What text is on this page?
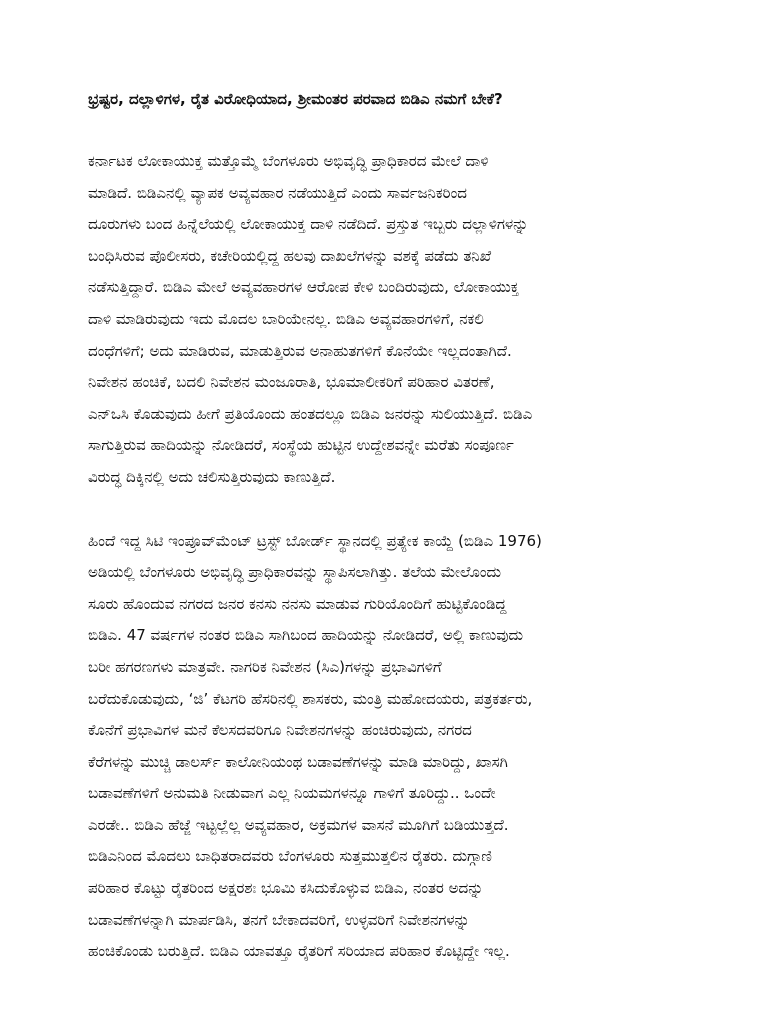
ಭ್ರಷ್ಟರ, ದಲ್ಲಾಳಿಗಳ, ರೈತ ವಿರೋಧಿಯಾದ, ಶ್ರೀಮಂತರ ಪರವಾದ ಬಿಡಿಎ ನಮಗೆ ಬೇಕೆ?
ಕರ್ನಾಟಕ ಲೋಕಾಯುಕ್ತ ಮತ್ತೊಮ್ಮೆ ಬೆಂಗಳೂರು ಅಭಿವೃದ್ಧಿ ಪ್ರಾಧಿಕಾರದ ಮೇಲೆ ದಾಳಿ
ಮಾಡಿದೆ. ಬಿಡಿಎನಲ್ಲಿ ವ್ಯಾಪಕ ಅವ್ಯವಹಾರ ನಡೆಯುತ್ತಿದೆ ಎಂದು ಸಾರ್ವಜನಿಕರಿಂದ
ದೂರುಗಳು ಬಂದ ಹಿನ್ನೆಲೆಯಲ್ಲಿ ಲೋಕಾಯುಕ್ತ ದಾಳಿ ನಡೆದಿದೆ. ಪ್ರಸ್ತುತ ಇಬ್ಬರು ದಲ್ಲಾಳಿಗಳನ್ನು
ಬಂಧಿಸಿರುವ ಪೊಲೀಸರು, ಕಚೇರಿಯಲ್ಲಿದ್ದ ಹಲವು ದಾಖಲೆಗಳನ್ನು ವಶಕ್ಕೆ ಪಡೆದು ತನಿಖೆ
ನಡೆಸುತ್ತಿದ್ದಾರೆ. ಬಿಡಿಎ ಮೇಲೆ ಅವ್ಯವಹಾರಗಳ ಆರೋಪ ಕೇಳಿ ಬಂದಿರುವುದು, ಲೋಕಾಯುಕ್ತ
ದಾಳಿ ಮಾಡಿರುವುದು ಇದು ಮೊದಲ ಬಾರಿಯೇನಲ್ಲ. ಬಿಡಿಎ ಅವ್ಯವಹಾರಗಳಿಗೆ, ನಕಲಿ
ದಂಧೆಗಳಿಗೆ; ಅದು ಮಾಡಿರುವ, ಮಾಡುತ್ತಿರುವ ಅನಾಹುತಗಳಿಗೆ ಕೊನೆಯೇ ಇಲ್ಲದಂತಾಗಿದೆ.
ನಿವೇಶನ ಹಂಚಿಕೆ, ಬದಲಿ ನಿವೇಶನ ಮಂಜೂರಾತಿ, ಭೂಮಾಲೀಕರಿಗೆ ಪರಿಹಾರ ವಿತರಣೆ,
ಎನ್‌ಒಸಿ ಕೊಡುವುದು ಹೀಗೆ ಪ್ರತಿಯೊಂದು ಹಂತದಲ್ಲೂ ಬಿಡಿಎ ಜನರನ್ನು ಸುಲಿಯುತ್ತಿದೆ. ಬಿಡಿಎ
ಸಾಗುತ್ತಿರುವ ಹಾದಿಯನ್ನು ನೋಡಿದರೆ, ಸಂಸ್ಥೆಯ ಹುಟ್ಟಿನ ಉದ್ದೇಶವನ್ನೇ ಮರೆತು ಸಂಪೂರ್ಣ
ವಿರುದ್ಧ ದಿಕ್ಕಿನಲ್ಲಿ ಅದು ಚಲಿಸುತ್ತಿರುವುದು ಕಾಣುತ್ತಿದೆ.
ಹಿಂದೆ ಇದ್ದ ಸಿಟಿ ಇಂಪ್ರೂವ್‌ಮೆಂಟ್ ಟ್ರಸ್ಟ್ ಬೋರ್ಡ್ ಸ್ಥಾನದಲ್ಲಿ ಪ್ರತ್ಯೇಕ ಕಾಯ್ದೆ (ಬಿಡಿಎ 1976)
ಅಡಿಯಲ್ಲಿ ಬೆಂಗಳೂರು ಅಭಿವೃದ್ಧಿ ಪ್ರಾಧಿಕಾರವನ್ನು ಸ್ಥಾಪಿಸಲಾಗಿತ್ತು. ತಲೆಯ ಮೇಲೊಂದು
ಸೂರು ಹೊಂದುವ ನಗರದ ಜನರ ಕನಸು ನನಸು ಮಾಡುವ ಗುರಿಯೊಂದಿಗೆ ಹುಟ್ಟಿಕೊಂಡಿದ್ದ
ಬಿಡಿಎ. 47 ವರ್ಷಗಳ ನಂತರ ಬಿಡಿಎ ಸಾಗಿಬಂದ ಹಾದಿಯನ್ನು ನೋಡಿದರೆ, ಅಲ್ಲಿ ಕಾಣುವುದು
ಬರೀ ಹಗರಣಗಳು ಮಾತ್ರವೇ. ನಾಗರಿಕ ನಿವೇಶನ (ಸಿಎ)ಗಳನ್ನು ಪ್ರಭಾವಿಗಳಿಗೆ
ಬರೆದುಕೊಡುವುದು, ‘ಜಿ’ ಕೆಟಗರಿ ಹೆಸರಿನಲ್ಲಿ ಶಾಸಕರು, ಮಂತ್ರಿ ಮಹೋದಯರು, ಪತ್ರಕರ್ತರು,
ಕೊನೆಗೆ ಪ್ರಭಾವಿಗಳ ಮನೆ ಕೆಲಸದವರಿಗೂ ನಿವೇಶನಗಳನ್ನು ಹಂಚಿರುವುದು, ನಗರದ
ಕೆರೆಗಳನ್ನು ಮುಚ್ಚಿ ಡಾಲರ್ಸ್ ಕಾಲೋನಿಯಂಥ ಬಡಾವಣೆಗಳನ್ನು ಮಾಡಿ ಮಾರಿದ್ದು, ಖಾಸಗಿ
ಬಡಾವಣೆಗಳಿಗೆ ಅನುಮತಿ ನೀಡುವಾಗ ಎಲ್ಲ ನಿಯಮಗಳನ್ನೂ ಗಾಳಿಗೆ ತೂರಿದ್ದು.. ಒಂದೇ
ಎರಡೇ.. ಬಿಡಿಎ ಹೆಜ್ಜೆ ಇಟ್ಟಲ್ಲೆಲ್ಲ ಅವ್ಯವಹಾರ, ಅಕ್ರಮಗಳ ವಾಸನೆ ಮೂಗಿಗೆ ಬಡಿಯುತ್ತದೆ.
ಬಿಡಿಎನಿಂದ ಮೊದಲು ಬಾಧಿತರಾದವರು ಬೆಂಗಳೂರು ಸುತ್ತಮುತ್ತಲಿನ ರೈತರು. ದುಗ್ಗಾಣಿ
ಪರಿಹಾರ ಕೊಟ್ಟು ರೈತರಿಂದ ಅಕ್ಷರಶಃ ಭೂಮಿ ಕಸಿದುಕೊಳ್ಳುವ ಬಿಡಿಎ, ನಂತರ ಅದನ್ನು
ಬಡಾವಣೆಗಳನ್ನಾಗಿ ಮಾರ್ಪಡಿಸಿ, ತನಗೆ ಬೇಕಾದವರಿಗೆ, ಉಳ್ಳವರಿಗೆ ನಿವೇಶನಗಳನ್ನು
ಹಂಚಿಕೊಂಡು ಬರುತ್ತಿದೆ. ಬಿಡಿಎ ಯಾವತ್ತೂ ರೈತರಿಗೆ ಸರಿಯಾದ ಪರಿಹಾರ ಕೊಟ್ಟಿದ್ದೇ ಇಲ್ಲ.
